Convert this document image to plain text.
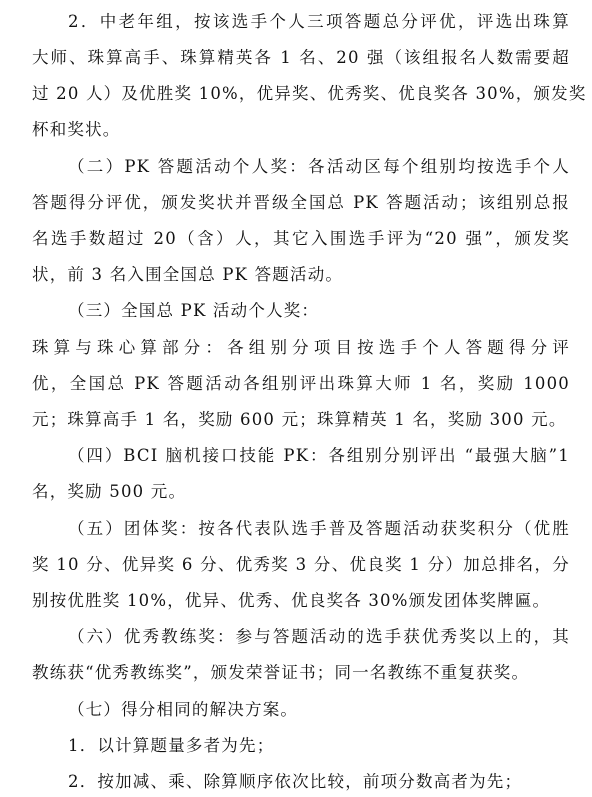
2．中老年组，按该选手个人三项答题总分评优，评选出珠算
大师、珠算高手、珠算精英各 1 名、20 强（该组报名人数需要超
过 20 人）及优胜奖 10%，优异奖、优秀奖、优良奖各 30%，颁发奖
杯和奖状。
（二）PK 答题活动个人奖：各活动区每个组别均按选手个人
答题得分评优，颁发奖状并晋级全国总 PK 答题活动；该组别总报
名选手数超过 20（含）人，其它入围选手评为“20 强”，颁发奖
状，前 3 名入围全国总 PK 答题活动。
（三）全国总 PK 活动个人奖：
珠算与珠心算部分：各组别分项目按选手个人答题得分评
优，全国总 PK 答题活动各组别评出珠算大师 1 名，奖励 1000
元；珠算高手 1 名，奖励 600 元；珠算精英 1 名，奖励 300 元。
（四）BCI 脑机接口技能 PK：各组别分别评出 “最强大脑”1
名，奖励 500 元。
（五）团体奖：按各代表队选手普及答题活动获奖积分（优胜
奖 10 分、优异奖 6 分、优秀奖 3 分、优良奖 1 分）加总排名，分
别按优胜奖 10%，优异、优秀、优良奖各 30%颁发团体奖牌匾。
（六）优秀教练奖：参与答题活动的选手获优秀奖以上的，其
教练获“优秀教练奖”，颁发荣誉证书；同一名教练不重复获奖。
（七）得分相同的解决方案。
1．以计算题量多者为先；
2．按加减、乘、除算顺序依次比较，前项分数高者为先；
